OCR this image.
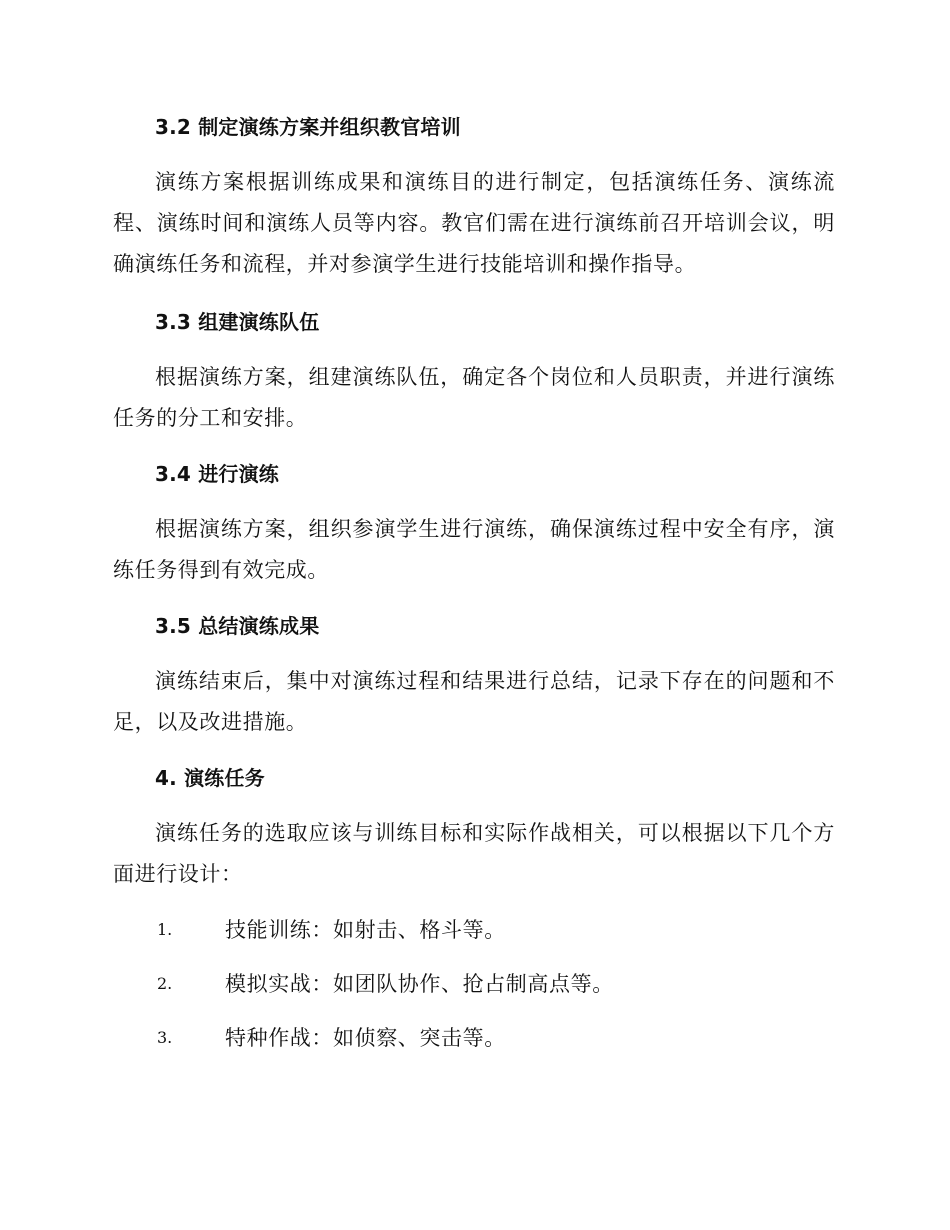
3.2 制定演练方案并组织教官培训
演练方案根据训练成果和演练目的进行制定，包括演练任务、演练流程、演练时间和演练人员等内容。教官们需在进行演练前召开培训会议，明确演练任务和流程，并对参演学生进行技能培训和操作指导。
3.3 组建演练队伍
根据演练方案，组建演练队伍，确定各个岗位和人员职责，并进行演练任务的分工和安排。
3.4 进行演练
根据演练方案，组织参演学生进行演练，确保演练过程中安全有序，演练任务得到有效完成。
3.5 总结演练成果
演练结束后，集中对演练过程和结果进行总结，记录下存在的问题和不足，以及改进措施。
4. 演练任务
演练任务的选取应该与训练目标和实际作战相关，可以根据以下几个方面进行设计：
1.	技能训练：如射击、格斗等。
2.	模拟实战：如团队协作、抢占制高点等。
3.	特种作战：如侦察、突击等。
